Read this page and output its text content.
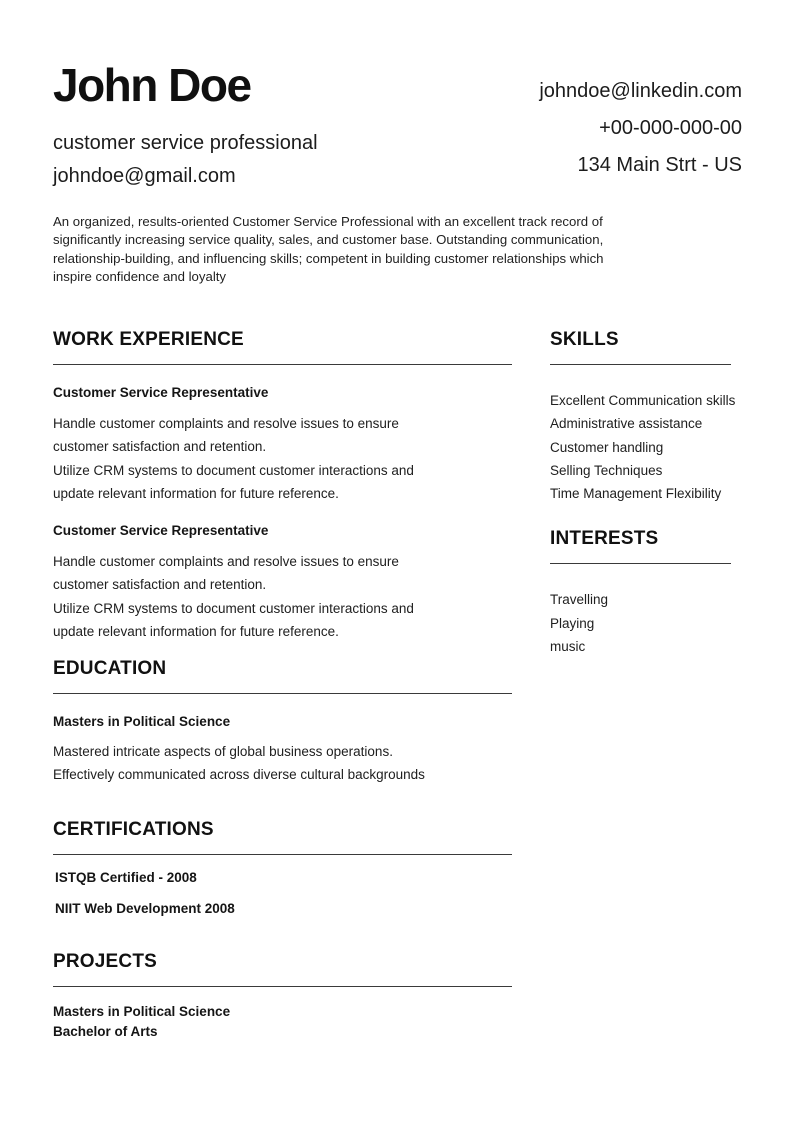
John Doe
customer service professional
johndoe@gmail.com
johndoe@linkedin.com
+00-000-000-00
134 Main Strt - US
An organized, results-oriented Customer Service Professional with an excellent track record of
significantly increasing service quality, sales, and customer base. Outstanding communication,
relationship-building, and influencing skills; competent in building customer relationships which
inspire confidence and loyalty
WORK EXPERIENCE
Customer Service Representative
Handle customer complaints and resolve issues to ensure
customer satisfaction and retention.
Utilize CRM systems to document customer interactions and
update relevant information for future reference.
Customer Service Representative
Handle customer complaints and resolve issues to ensure
customer satisfaction and retention.
Utilize CRM systems to document customer interactions and
update relevant information for future reference.
EDUCATION
Masters in Political Science
Mastered intricate aspects of global business operations.
Effectively communicated across diverse cultural backgrounds
CERTIFICATIONS
ISTQB Certified - 2008
NIIT Web Development 2008
PROJECTS
Masters in Political Science
Bachelor of Arts
SKILLS
Excellent Communication skills
Administrative assistance
Customer handling
Selling Techniques
Time Management Flexibility
INTERESTS
Travelling
Playing
music
